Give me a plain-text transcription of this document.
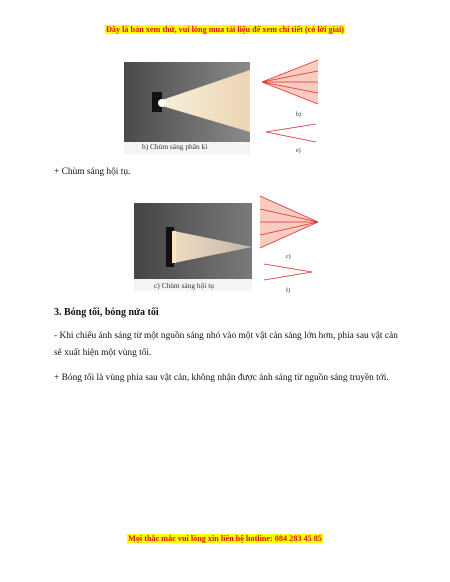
Đây là bản xem thử, vui lòng mua tài liệu để xem chi tiết (có lời giải)
b) Chùm sáng phân kì
b)
e)
+ Chùm sáng hội tụ.
c) Chùm sáng hội tụ
c)
f)
3. Bóng tối, bóng nửa tối
- Khi chiếu ánh sáng từ một nguồn sáng nhỏ vào một vật cản sáng lớn hơn, phía sau vật cản sẽ xuất hiện một vùng tối.
+ Bóng tối là vùng phía sau vật cản, không nhận được ánh sáng từ nguồn sáng truyền tới.
Mọi thắc mắc vui lòng xin liên hệ hotline: 084 283 45 85
